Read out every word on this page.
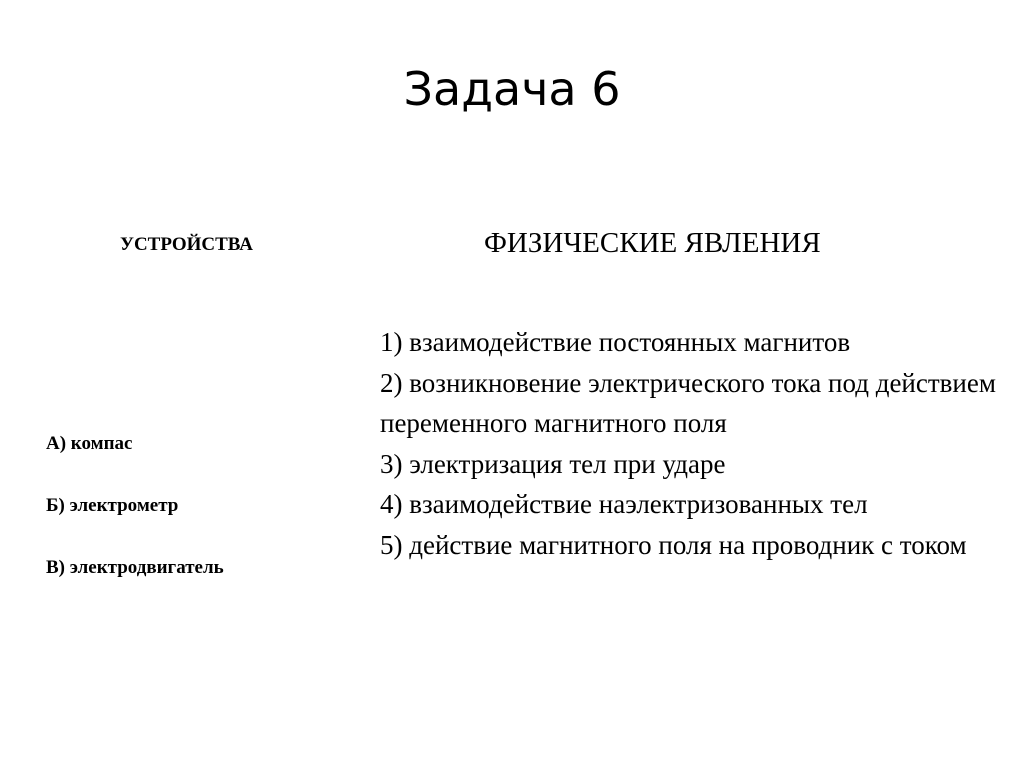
Задача 6
УСТРОЙСТВА	ФИЗИЧЕСКИЕ ЯВЛЕНИЯ
А) компас
Б) электрометр
В) электродвигатель
1) взаимодействие постоянных магнитов
2) возникновение электрического тока под действием переменного магнитного поля
3) электризация тел при ударе
4) взаимодействие наэлектризованных тел
5) действие магнитного поля на проводник с током
